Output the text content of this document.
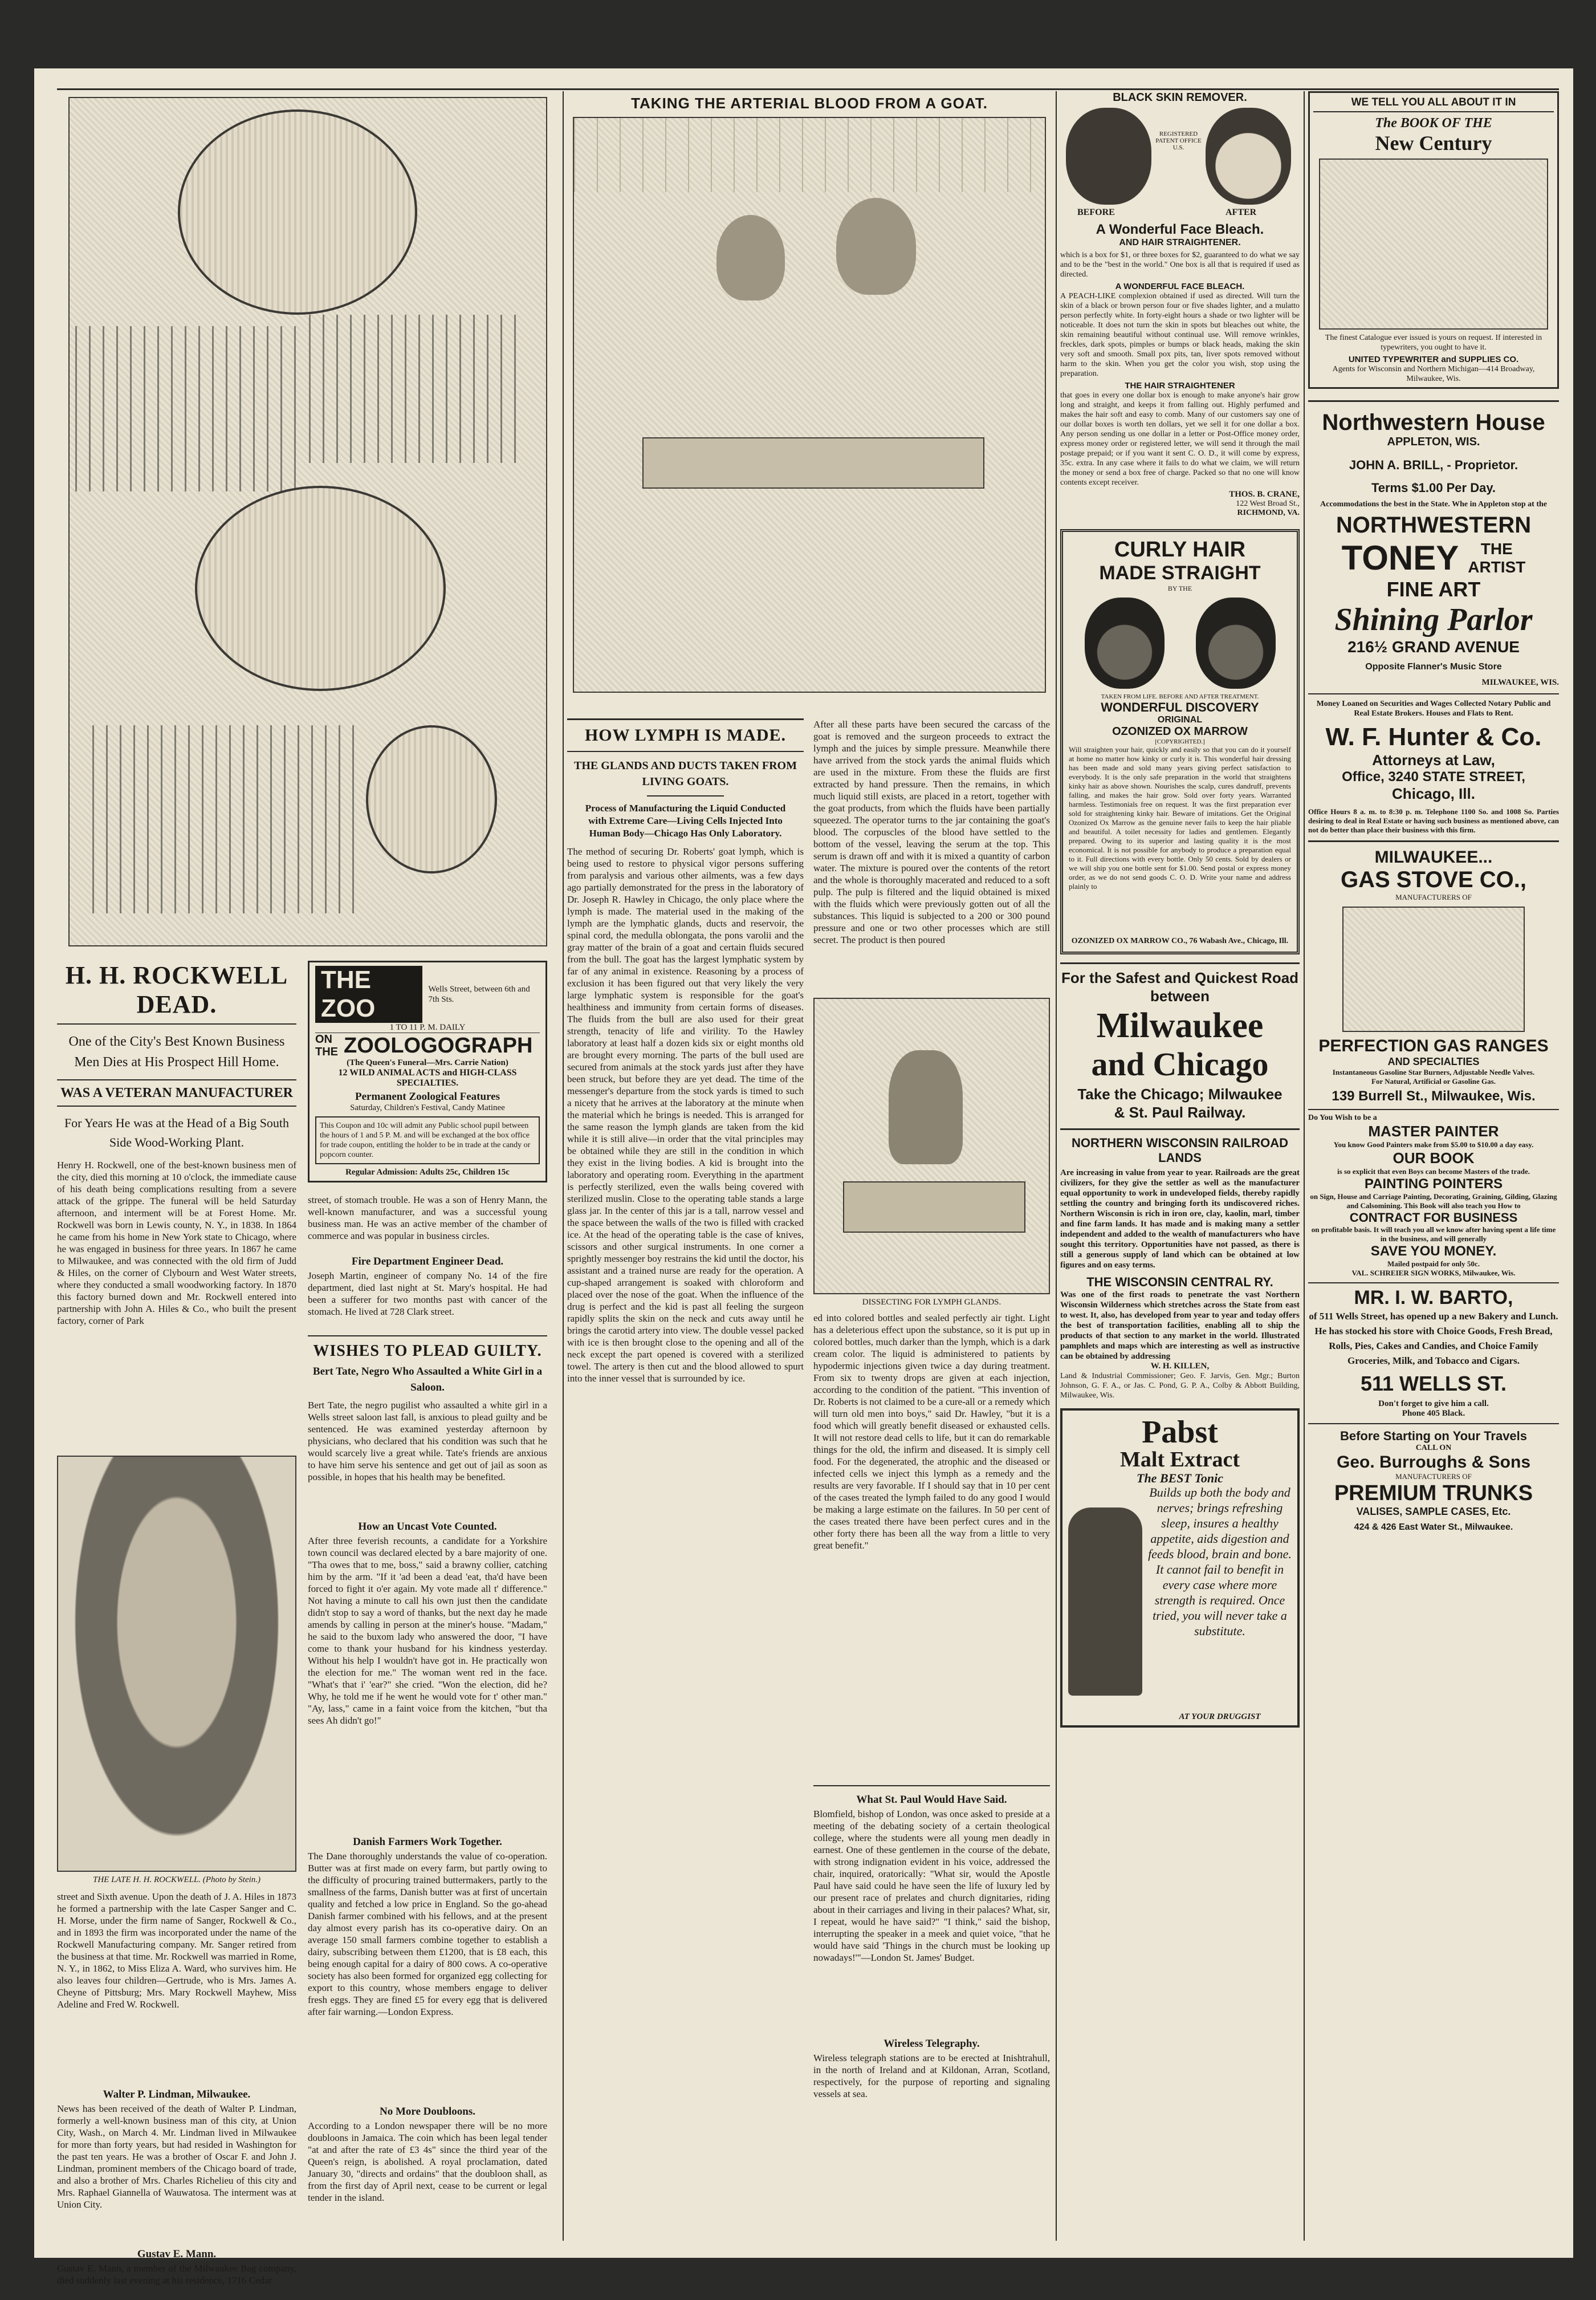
H. H. ROCKWELL DEAD.
One of the City's Best Known Business Men Dies at His Prospect Hill Home.
WAS A VETERAN MANUFACTURER
For Years He was at the Head of a Big South Side Wood-Working Plant.
Henry H. Rockwell, one of the best-known business men of the city, died this morning at 10 o'clock, the immediate cause of his death being complications resulting from a severe attack of the grippe. The funeral will be held Saturday afternoon, and interment will be at Forest Home. Mr. Rockwell was born in Lewis county, N. Y., in 1838. In 1864 he came from his home in New York state to Chicago, where he was engaged in business for three years. In 1867 he came to Milwaukee, and was connected with the old firm of Judd & Hiles, on the corner of Clybourn and West Water streets, where they conducted a small woodworking factory. In 1870 this factory burned down and Mr. Rockwell entered into partnership with John A. Hiles & Co., who built the present factory, corner of Park
THE LATE H. H. ROCKWELL. (Photo by Stein.)
street and Sixth avenue. Upon the death of J. A. Hiles in 1873 he formed a partnership with the late Casper Sanger and C. H. Morse, under the firm name of Sanger, Rockwell & Co., and in 1893 the firm was incorporated under the name of the Rockwell Manufacturing company. Mr. Sanger retired from the business at that time. Mr. Rockwell was married in Rome, N. Y., in 1862, to Miss Eliza A. Ward, who survives him. He also leaves four children—Gertrude, who is Mrs. James A. Cheyne of Pittsburg; Mrs. Mary Rockwell Mayhew, Miss Adeline and Fred W. Rockwell.
Walter P. Lindman, Milwaukee.
News has been received of the death of Walter P. Lindman, formerly a well-known business man of this city, at Union City, Wash., on March 4. Mr. Lindman lived in Milwaukee for more than forty years, but had resided in Washington for the past ten years. He was a brother of Oscar F. and John J. Lindman, prominent members of the Chicago board of trade, and also a brother of Mrs. Charles Richelieu of this city and Mrs. Raphael Giannella of Wauwatosa. The interment was at Union City.
Gustav E. Mann.
Gustav E. Mann, a member of the Milwaukee Bag company, died suddenly last evening at his residence, 1716 Cedar
THE ZOO
Wells Street, between 6th and 7th Sts.
1 TO 11 P. M. DAILY
ON THE ZOOLOGOGRAPH
(The Queen's Funeral—Mrs. Carrie Nation)
12 WILD ANIMAL ACTS and HIGH-CLASS SPECIALTIES.
Permanent Zoological Features
Saturday, Children's Festival, Candy Matinee
This Coupon and 10c will admit any Public school pupil between the hours of 1 and 5 P. M. and will be exchanged at the box office for trade coupon, entitling the holder to be in trade at the candy or popcorn counter.
Regular Admission: Adults 25c, Children 15c
street, of stomach trouble. He was a son of Henry Mann, the well-known manufacturer, and was a successful young business man. He was an active member of the chamber of commerce and was popular in business circles.
Fire Department Engineer Dead.
Joseph Martin, engineer of company No. 14 of the fire department, died last night at St. Mary's hospital. He had been a sufferer for two months past with cancer of the stomach. He lived at 728 Clark street.
WISHES TO PLEAD GUILTY.
Bert Tate, Negro Who Assaulted a White Girl in a Saloon.
Bert Tate, the negro pugilist who assaulted a white girl in a Wells street saloon last fall, is anxious to plead guilty and be sentenced. He was examined yesterday afternoon by physicians, who declared that his condition was such that he would scarcely live a great while. Tate's friends are anxious to have him serve his sentence and get out of jail as soon as possible, in hopes that his health may be benefited.
How an Uncast Vote Counted.
After three feverish recounts, a candidate for a Yorkshire town council was declared elected by a bare majority of one. "Tha owes that to me, boss," said a brawny collier, catching him by the arm. "If it 'ad been a dead 'eat, tha'd have been forced to fight it o'er again. My vote made all t' difference." Not having a minute to call his own just then the candidate didn't stop to say a word of thanks, but the next day he made amends by calling in person at the miner's house. "Madam," he said to the buxom lady who answered the door, "I have come to thank your husband for his kindness yesterday. Without his help I wouldn't have got in. He practically won the election for me." The woman went red in the face. "What's that i' 'ear?" she cried. "Won the election, did he? Why, he told me if he went he would vote for t' other man." "Ay, lass," came in a faint voice from the kitchen, "but tha sees Ah didn't go!"
Danish Farmers Work Together.
The Dane thoroughly understands the value of co-operation. Butter was at first made on every farm, but partly owing to the difficulty of procuring trained buttermakers, partly to the smallness of the farms, Danish butter was at first of uncertain quality and fetched a low price in England. So the go-ahead Danish farmer combined with his fellows, and at the present day almost every parish has its co-operative dairy. On an average 150 small farmers combine together to establish a dairy, subscribing between them £1200, that is £8 each, this being enough capital for a dairy of 800 cows. A co-operative society has also been formed for organized egg collecting for export to this country, whose members engage to deliver fresh eggs. They are fined £5 for every egg that is delivered after fair warning.—London Express.
No More Doubloons.
According to a London newspaper there will be no more doubloons in Jamaica. The coin which has been legal tender "at and after the rate of £3 4s" since the third year of the Queen's reign, is abolished. A royal proclamation, dated January 30, "directs and ordains" that the doubloon shall, as from the first day of April next, cease to be current or legal tender in the island.
TAKING THE ARTERIAL BLOOD FROM A GOAT.
HOW LYMPH IS MADE.
THE GLANDS AND DUCTS TAKEN FROM LIVING GOATS.
Process of Manufacturing the Liquid Conducted with Extreme Care—Living Cells Injected Into Human Body—Chicago Has Only Laboratory.
The method of securing Dr. Roberts' goat lymph, which is being used to restore to physical vigor persons suffering from paralysis and various other ailments, was a few days ago partially demonstrated for the press in the laboratory of Dr. Joseph R. Hawley in Chicago, the only place where the lymph is made. The material used in the making of the lymph are the lymphatic glands, ducts and reservoir, the spinal cord, the medulla oblongata, the pons varolii and the gray matter of the brain of a goat and certain fluids secured from the bull. The goat has the largest lymphatic system by far of any animal in existence. Reasoning by a process of exclusion it has been figured out that very likely the very large lymphatic system is responsible for the goat's healthiness and immunity from certain forms of diseases. The fluids from the bull are also used for their great strength, tenacity of life and virility. To the Hawley laboratory at least half a dozen kids six or eight months old are brought every morning. The parts of the bull used are secured from animals at the stock yards just after they have been struck, but before they are yet dead. The time of the messenger's departure from the stock yards is timed to such a nicety that he arrives at the laboratory at the minute when the material which he brings is needed. This is arranged for the same reason the lymph glands are taken from the kid while it is still alive—in order that the vital principles may be obtained while they are still in the condition in which they exist in the living bodies. A kid is brought into the laboratory and operating room. Everything in the apartment is perfectly sterilized, even the walls being covered with sterilized muslin. Close to the operating table stands a large glass jar. In the center of this jar is a tall, narrow vessel and the space between the walls of the two is filled with cracked ice. At the head of the operating table is the case of knives, scissors and other surgical instruments. In one corner a sprightly messenger boy restrains the kid until the doctor, his assistant and a trained nurse are ready for the operation. A cup-shaped arrangement is soaked with chloroform and placed over the nose of the goat. When the influence of the drug is perfect and the kid is past all feeling the surgeon rapidly splits the skin on the neck and cuts away until he brings the carotid artery into view. The double vessel packed with ice is then brought close to the opening and all of the neck except the part opened is covered with a sterilized towel. The artery is then cut and the blood allowed to spurt into the inner vessel that is surrounded by ice.
After all these parts have been secured the carcass of the goat is removed and the surgeon proceeds to extract the lymph and the juices by simple pressure. Meanwhile there have arrived from the stock yards the animal fluids which are used in the mixture. From these the fluids are first extracted by hand pressure. Then the remains, in which much liquid still exists, are placed in a retort, together with the goat products, from which the fluids have been partially squeezed. The operator turns to the jar containing the goat's blood. The corpuscles of the blood have settled to the bottom of the vessel, leaving the serum at the top. This serum is drawn off and with it is mixed a quantity of carbon water. The mixture is poured over the contents of the retort and the whole is thoroughly macerated and reduced to a soft pulp. The pulp is filtered and the liquid obtained is mixed with the fluids which were previously gotten out of all the substances. This liquid is subjected to a 200 or 300 pound pressure and one or two other processes which are still secret. The product is then poured
DISSECTING FOR LYMPH GLANDS.
ed into colored bottles and sealed perfectly air tight. Light has a deleterious effect upon the substance, so it is put up in colored bottles, much darker than the lymph, which is a dark cream color. The liquid is administered to patients by hypodermic injections given twice a day during treatment. From six to twenty drops are given at each injection, according to the condition of the patient. "This invention of Dr. Roberts is not claimed to be a cure-all or a remedy which will turn old men into boys," said Dr. Hawley, "but it is a food which will greatly benefit diseased or exhausted cells. It will not restore dead cells to life, but it can do remarkable things for the old, the infirm and diseased. It is simply cell food. For the degenerated, the atrophic and the diseased or infected cells we inject this lymph as a remedy and the results are very favorable. If I should say that in 10 per cent of the cases treated the lymph failed to do any good I would be making a large estimate on the failures. In 50 per cent of the cases treated there have been perfect cures and in the other forty there has been all the way from a little to very great benefit."
What St. Paul Would Have Said.
Blomfield, bishop of London, was once asked to preside at a meeting of the debating society of a certain theological college, where the students were all young men deadly in earnest. One of these gentlemen in the course of the debate, with strong indignation evident in his voice, addressed the chair, inquired, oratorically: "What sir, would the Apostle Paul have said could he have seen the life of luxury led by our present race of prelates and church dignitaries, riding about in their carriages and living in their palaces? What, sir, I repeat, would he have said?" "I think," said the bishop, interrupting the speaker in a meek and quiet voice, "that he would have said 'Things in the church must be looking up nowadays!'"—London St. James' Budget.
Wireless Telegraphy.
Wireless telegraph stations are to be erected at Inishtrahull, in the north of Ireland and at Kildonan, Arran, Scotland, respectively, for the purpose of reporting and signaling vessels at sea.
BLACK SKIN REMOVER.
REGISTERED PATENT OFFICE U.S.
BEFORE	AFTER
A Wonderful Face Bleach.
AND HAIR STRAIGHTENER.
which is a box for $1, or three boxes for $2, guaranteed to do what we say and to be the "best in the world." One box is all that is required if used as directed.
A WONDERFUL FACE BLEACH.
A PEACH-LIKE complexion obtained if used as directed. Will turn the skin of a black or brown person four or five shades lighter, and a mulatto person perfectly white. In forty-eight hours a shade or two lighter will be noticeable. It does not turn the skin in spots but bleaches out white, the skin remaining beautiful without continual use. Will remove wrinkles, freckles, dark spots, pimples or bumps or black heads, making the skin very soft and smooth. Small pox pits, tan, liver spots removed without harm to the skin. When you get the color you wish, stop using the preparation.
THE HAIR STRAIGHTENER
that goes in every one dollar box is enough to make anyone's hair grow long and straight, and keeps it from falling out. Highly perfumed and makes the hair soft and easy to comb. Many of our customers say one of our dollar boxes is worth ten dollars, yet we sell it for one dollar a box. Any person sending us one dollar in a letter or Post-Office money order, express money order or registered letter, we will send it through the mail postage prepaid; or if you want it sent C. O. D., it will come by express, 35c. extra. In any case where it fails to do what we claim, we will return the money or send a box free of charge. Packed so that no one will know contents except receiver.
THOS. B. CRANE,
122 West Broad St.,
RICHMOND, VA.
CURLY HAIR
MADE STRAIGHT
BY THE
TAKEN FROM LIFE. BEFORE AND AFTER TREATMENT.
WONDERFUL DISCOVERY
ORIGINAL
OZONIZED OX MARROW
[COPYRIGHTED.]
Will straighten your hair, quickly and easily so that you can do it yourself at home no matter how kinky or curly it is. This wonderful hair dressing has been made and sold many years giving perfect satisfaction to everybody. It is the only safe preparation in the world that straightens kinky hair as above shown. Nourishes the scalp, cures dandruff, prevents falling, and makes the hair grow. Sold over forty years. Warranted harmless. Testimonials free on request. It was the first preparation ever sold for straightening kinky hair. Beware of imitations. Get the Original Ozonized Ox Marrow as the genuine never fails to keep the hair pliable and beautiful. A toilet necessity for ladies and gentlemen. Elegantly prepared. Owing to its superior and lasting quality it is the most economical. It is not possible for anybody to produce a preparation equal to it. Full directions with every bottle. Only 50 cents. Sold by dealers or we will ship you one bottle sent for $1.00. Send postal or express money order, as we do not send goods C. O. D. Write your name and address plainly to
OZONIZED OX MARROW CO., 76 Wabash Ave., Chicago, Ill.
For the Safest and Quickest Road between
Milwaukee
and Chicago
Take the Chicago; Milwaukee & St. Paul Railway.
NORTHERN WISCONSIN RAILROAD LANDS
Are increasing in value from year to year. Railroads are the great civilizers, for they give the settler as well as the manufacturer equal opportunity to work in undeveloped fields, thereby rapidly settling the country and bringing forth its undiscovered riches. Northern Wisconsin is rich in iron ore, clay, kaolin, marl, timber and fine farm lands. It has made and is making many a settler independent and added to the wealth of manufacturers who have sought this territory. Opportunities have not passed, as there is still a generous supply of land which can be obtained at low figures and on easy terms.
THE WISCONSIN CENTRAL RY.
Was one of the first roads to penetrate the vast Northern Wisconsin Wilderness which stretches across the State from east to west. It, also, has developed from year to year and today offers the best of transportation facilities, enabling all to ship the products of that section to any market in the world. Illustrated pamphlets and maps which are interesting as well as instructive can be obtained by addressing
W. H. KILLEN,
Land & Industrial Commissioner; Geo. F. Jarvis, Gen. Mgr.; Burton Johnson, G. F. A., or Jas. C. Pond, G. P. A., Colby & Abbott Building, Milwaukee, Wis.
Pabst
Malt Extract
The BEST Tonic
Builds up both the body and nerves; brings refreshing sleep, insures a healthy appetite, aids digestion and feeds blood, brain and bone. It cannot fail to benefit in every case where more strength is required. Once tried, you will never take a substitute.
AT YOUR DRUGGIST
WE TELL YOU ALL ABOUT IT IN
The BOOK OF THE
New Century
The finest Catalogue ever issued is yours on request. If interested in typewriters, you ought to have it.
UNITED TYPEWRITER and SUPPLIES CO.
Agents for Wisconsin and Northern Michigan—414 Broadway, Milwaukee, Wis.
Northwestern House
APPLETON, WIS.
JOHN A. BRILL, - Proprietor.
Terms $1.00 Per Day.
Accommodations the best in the State. Whe in Appleton stop at the
NORTHWESTERN
TONEY	THE
ARTIST
FINE ART
Shining Parlor
216½ GRAND AVENUE
Opposite Flanner's Music Store
MILWAUKEE, WIS.
Money Loaned on Securities and Wages Collected Notary Public and Real Estate Brokers. Houses and Flats to Rent.
W. F. Hunter & Co.
Attorneys at Law,
Office, 3240 STATE STREET,
Chicago, Ill.
Office Hours 8 a. m. to 8:30 p. m. Telephone 1100 So. and 1008 So. Parties desiring to deal in Real Estate or having such business as mentioned above, can not do better than place their business with this firm.
MILWAUKEE...
GAS STOVE CO.,
MANUFACTURERS OF
PERFECTION GAS RANGES
AND SPECIALTIES
Instantaneous Gasoline Star Burners, Adjustable Needle Valves.
For Natural, Artificial or Gasoline Gas.
139 Burrell St., Milwaukee, Wis.
Do You Wish to be a
MASTER PAINTER
You know Good Painters make from $5.00 to $10.00 a day easy.
OUR BOOK
is so explicit that even Boys can become Masters of the trade.
PAINTING POINTERS
on Sign, House and Carriage Painting, Decorating, Graining, Gilding, Glazing and Calsomining. This Book will also teach you How to
CONTRACT FOR BUSINESS
on profitable basis. It will teach you all we know after having spent a life time in the business, and will generally
SAVE YOU MONEY.
Mailed postpaid for only 50c.
VAL. SCHREIER SIGN WORKS, Milwaukee, Wis.
MR. I. W. BARTO,
of 511 Wells Street, has opened up a new Bakery and Lunch. He has stocked his store with Choice Goods, Fresh Bread, Rolls, Pies, Cakes and Candies, and Choice Family Groceries, Milk, and Tobacco and Cigars.
511 WELLS ST.
Don't forget to give him a call.
Phone 405 Black.
Before Starting on Your Travels
CALL ON
Geo. Burroughs & Sons
MANUFACTURERS OF
PREMIUM TRUNKS
VALISES, SAMPLE CASES, Etc.
424 & 426 East Water St., Milwaukee.
